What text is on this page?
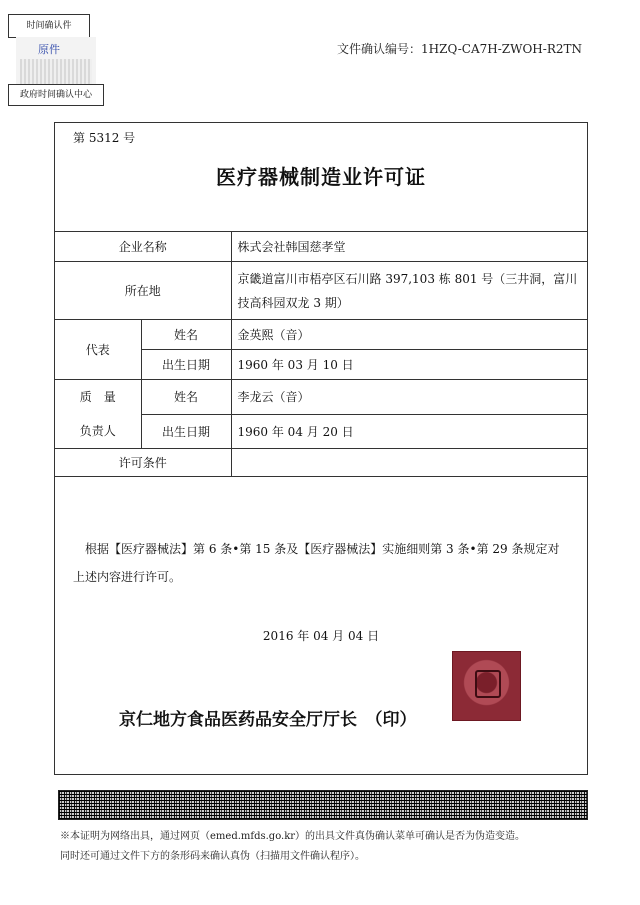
时间确认件
原件
政府时间确认中心
文件确认编号：1HZQ-CA7H-ZWOH-R2TN
第 5312 号
医疗器械制造业许可证
企业名称		株式会社韩国慈孝堂
所在地		京畿道富川市梧亭区石川路 397,103 栋 801 号（三井洞，富川技高科园双龙 3 期）
代表	姓名	金英熙（音）
	出生日期	1960 年 03 月 10 日

质　量
负责人	姓名	李龙云（音）
	出生日期	1960 年 04 月 20 日
许可条件		
根据【医疗器械法】第 6 条•第 15 条及【医疗器械法】实施细则第 3 条•第 29 条规定对上述内容进行许可。
2016 年 04 月 04 日
京仁地方食品医药品安全厅厅长　（印）
※本证明为网络出具，通过网页（emed.mfds.go.kr）的出具文件真伪确认菜单可确认是否为伪造变造。
同时还可通过文件下方的条形码来确认真伪（扫描用文件确认程序）。
